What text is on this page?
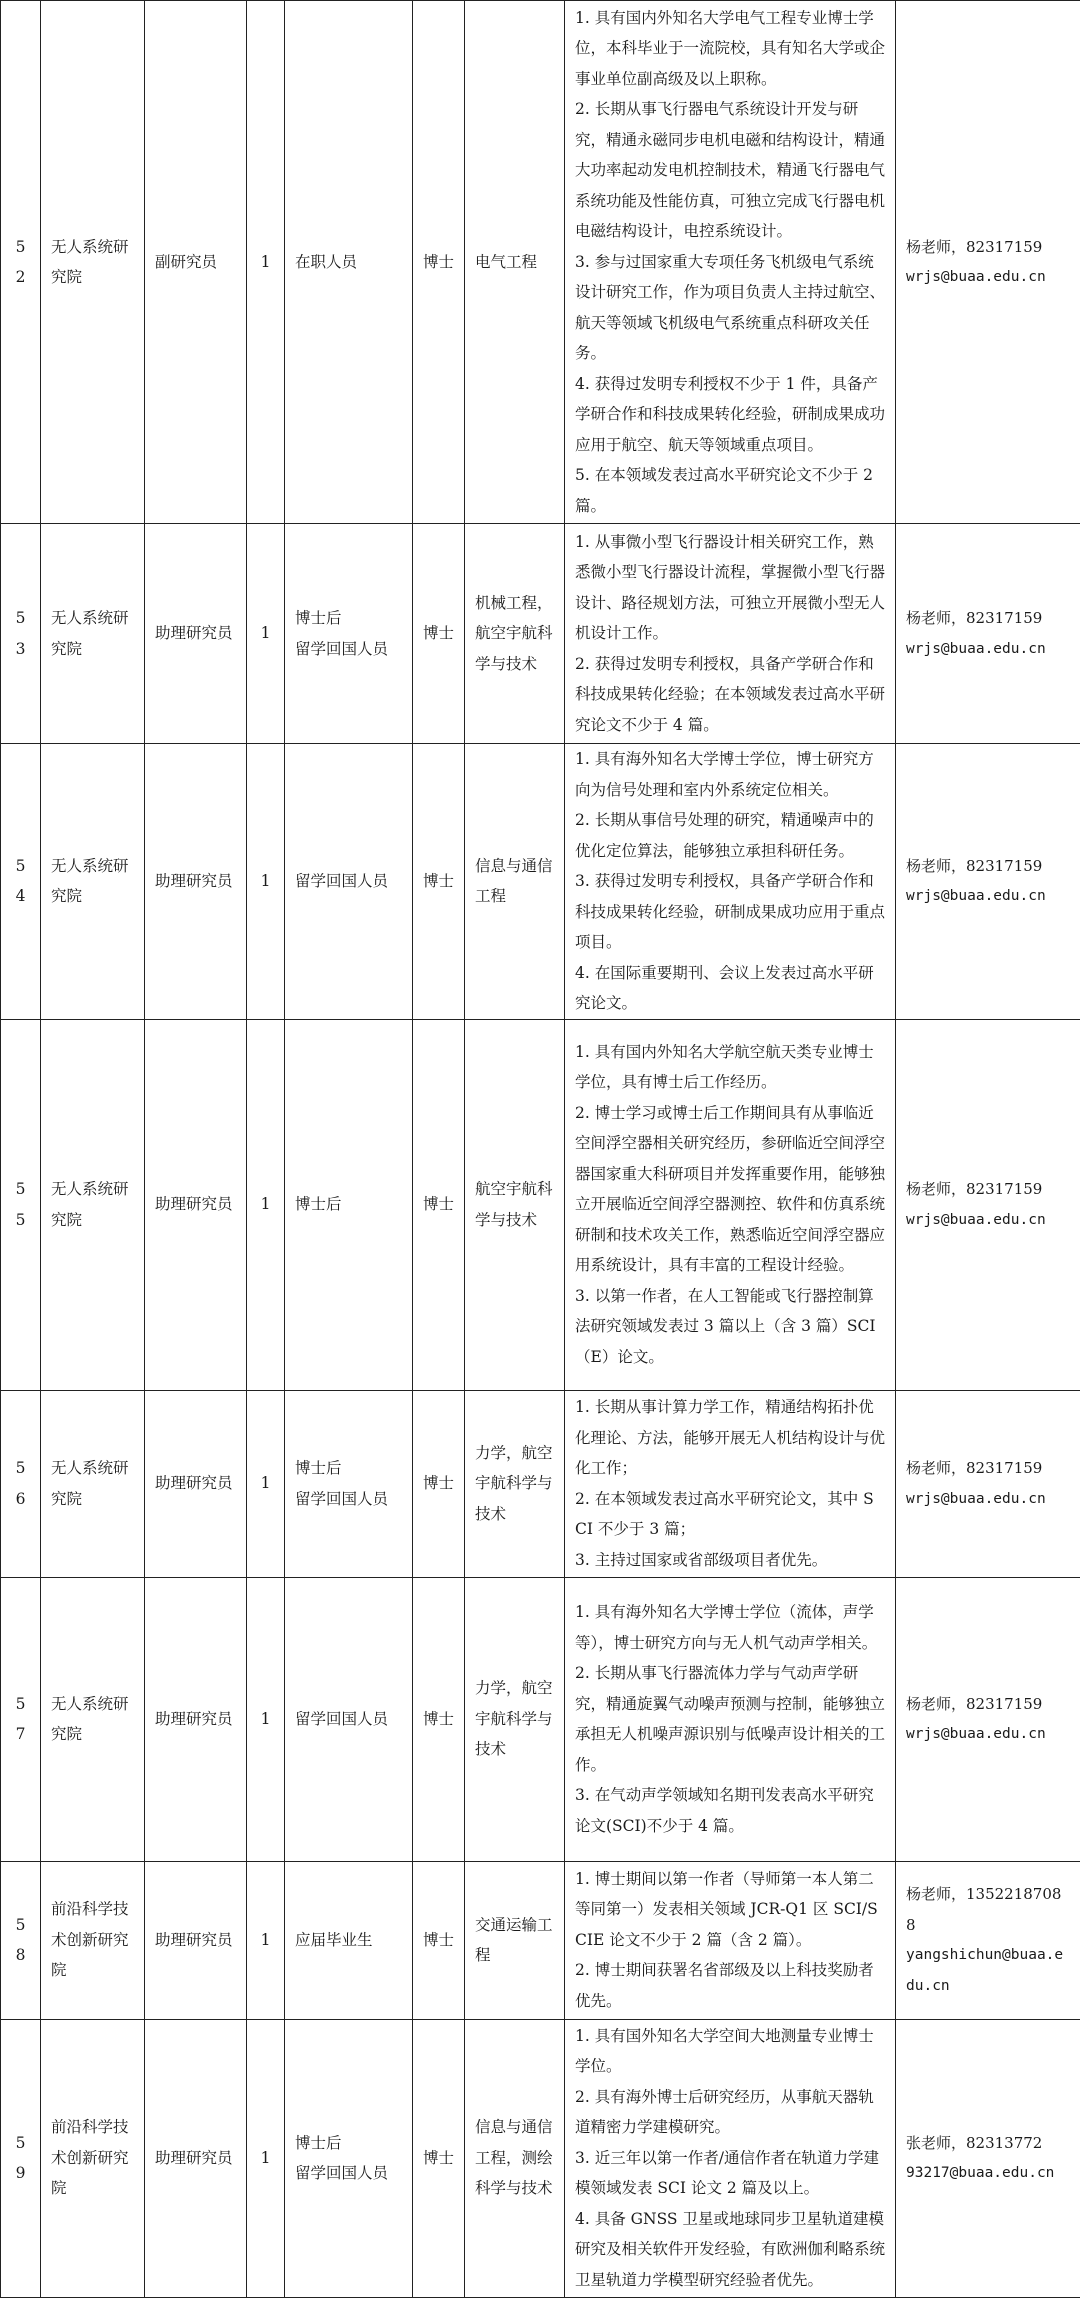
52	无人系统研究院	副研究员	1	在职人员	博士	电气工程	1. 具有国内外知名大学电气工程专业博士学位，本科毕业于一流院校，具有知名大学或企事业单位副高级及以上职称。
2. 长期从事飞行器电气系统设计开发与研究，精通永磁同步电机电磁和结构设计，精通大功率起动发电机控制技术，精通飞行器电气系统功能及性能仿真，可独立完成飞行器电机电磁结构设计，电控系统设计。
3. 参与过国家重大专项任务飞机级电气系统设计研究工作，作为项目负责人主持过航空、航天等领域飞机级电气系统重点科研攻关任务。
4. 获得过发明专利授权不少于 1 件，具备产学研合作和科技成果转化经验，研制成果成功应用于航空、航天等领域重点项目。
5. 在本领域发表过高水平研究论文不少于 2 篇。	杨老师，82317159
wrjs@buaa.edu.cn

53	无人系统研究院	助理研究员	1	博士后
留学回国人员	博士	机械工程，航空宇航科学与技术	1. 从事微小型飞行器设计相关研究工作，熟悉微小型飞行器设计流程，掌握微小型飞行器设计、路径规划方法，可独立开展微小型无人机设计工作。
2. 获得过发明专利授权，具备产学研合作和科技成果转化经验；在本领域发表过高水平研究论文不少于 4 篇。	杨老师，82317159
wrjs@buaa.edu.cn

54	无人系统研究院	助理研究员	1	留学回国人员	博士	信息与通信工程	1. 具有海外知名大学博士学位，博士研究方向为信号处理和室内外系统定位相关。
2. 长期从事信号处理的研究，精通噪声中的优化定位算法，能够独立承担科研任务。
3. 获得过发明专利授权，具备产学研合作和科技成果转化经验，研制成果成功应用于重点项目。
4. 在国际重要期刊、会议上发表过高水平研究论文。	杨老师，82317159
wrjs@buaa.edu.cn

55	无人系统研究院	助理研究员	1	博士后	博士	航空宇航科学与技术	1. 具有国内外知名大学航空航天类专业博士学位，具有博士后工作经历。
2. 博士学习或博士后工作期间具有从事临近空间浮空器相关研究经历，参研临近空间浮空器国家重大科研项目并发挥重要作用，能够独立开展临近空间浮空器测控、软件和仿真系统研制和技术攻关工作，熟悉临近空间浮空器应用系统设计，具有丰富的工程设计经验。
3. 以第一作者，在人工智能或飞行器控制算法研究领域发表过 3 篇以上（含 3 篇）SCI（E）论文。	杨老师，82317159
wrjs@buaa.edu.cn

56	无人系统研究院	助理研究员	1	博士后
留学回国人员	博士	力学，航空宇航科学与技术	1. 长期从事计算力学工作，精通结构拓扑优化理论、方法，能够开展无人机结构设计与优化工作；
2. 在本领域发表过高水平研究论文，其中 SCI 不少于 3 篇；
3. 主持过国家或省部级项目者优先。	杨老师，82317159
wrjs@buaa.edu.cn

57	无人系统研究院	助理研究员	1	留学回国人员	博士	力学，航空宇航科学与技术	1. 具有海外知名大学博士学位（流体，声学等），博士研究方向与无人机气动声学相关。
2. 长期从事飞行器流体力学与气动声学研究，精通旋翼气动噪声预测与控制，能够独立承担无人机噪声源识别与低噪声设计相关的工作。
3. 在气动声学领域知名期刊发表高水平研究论文(SCI)不少于 4 篇。	杨老师，82317159
wrjs@buaa.edu.cn

58	前沿科学技术创新研究院	助理研究员	1	应届毕业生	博士	交通运输工程	1. 博士期间以第一作者（导师第一本人第二等同第一）发表相关领域 JCR-Q1 区 SCI/SCIE 论文不少于 2 篇（含 2 篇）。
2. 博士期间获署名省部级及以上科技奖励者优先。	杨老师，13522187088
yangshichun@buaa.edu.cn

59	前沿科学技术创新研究院	助理研究员	1	博士后
留学回国人员	博士	信息与通信工程，测绘科学与技术	1. 具有国外知名大学空间大地测量专业博士学位。
2. 具有海外博士后研究经历，从事航天器轨道精密力学建模研究。
3. 近三年以第一作者/通信作者在轨道力学建模领域发表 SCI 论文 2 篇及以上。
4. 具备 GNSS 卫星或地球同步卫星轨道建模研究及相关软件开发经验，有欧洲伽利略系统卫星轨道力学模型研究经验者优先。	张老师，82313772
93217@buaa.edu.cn
